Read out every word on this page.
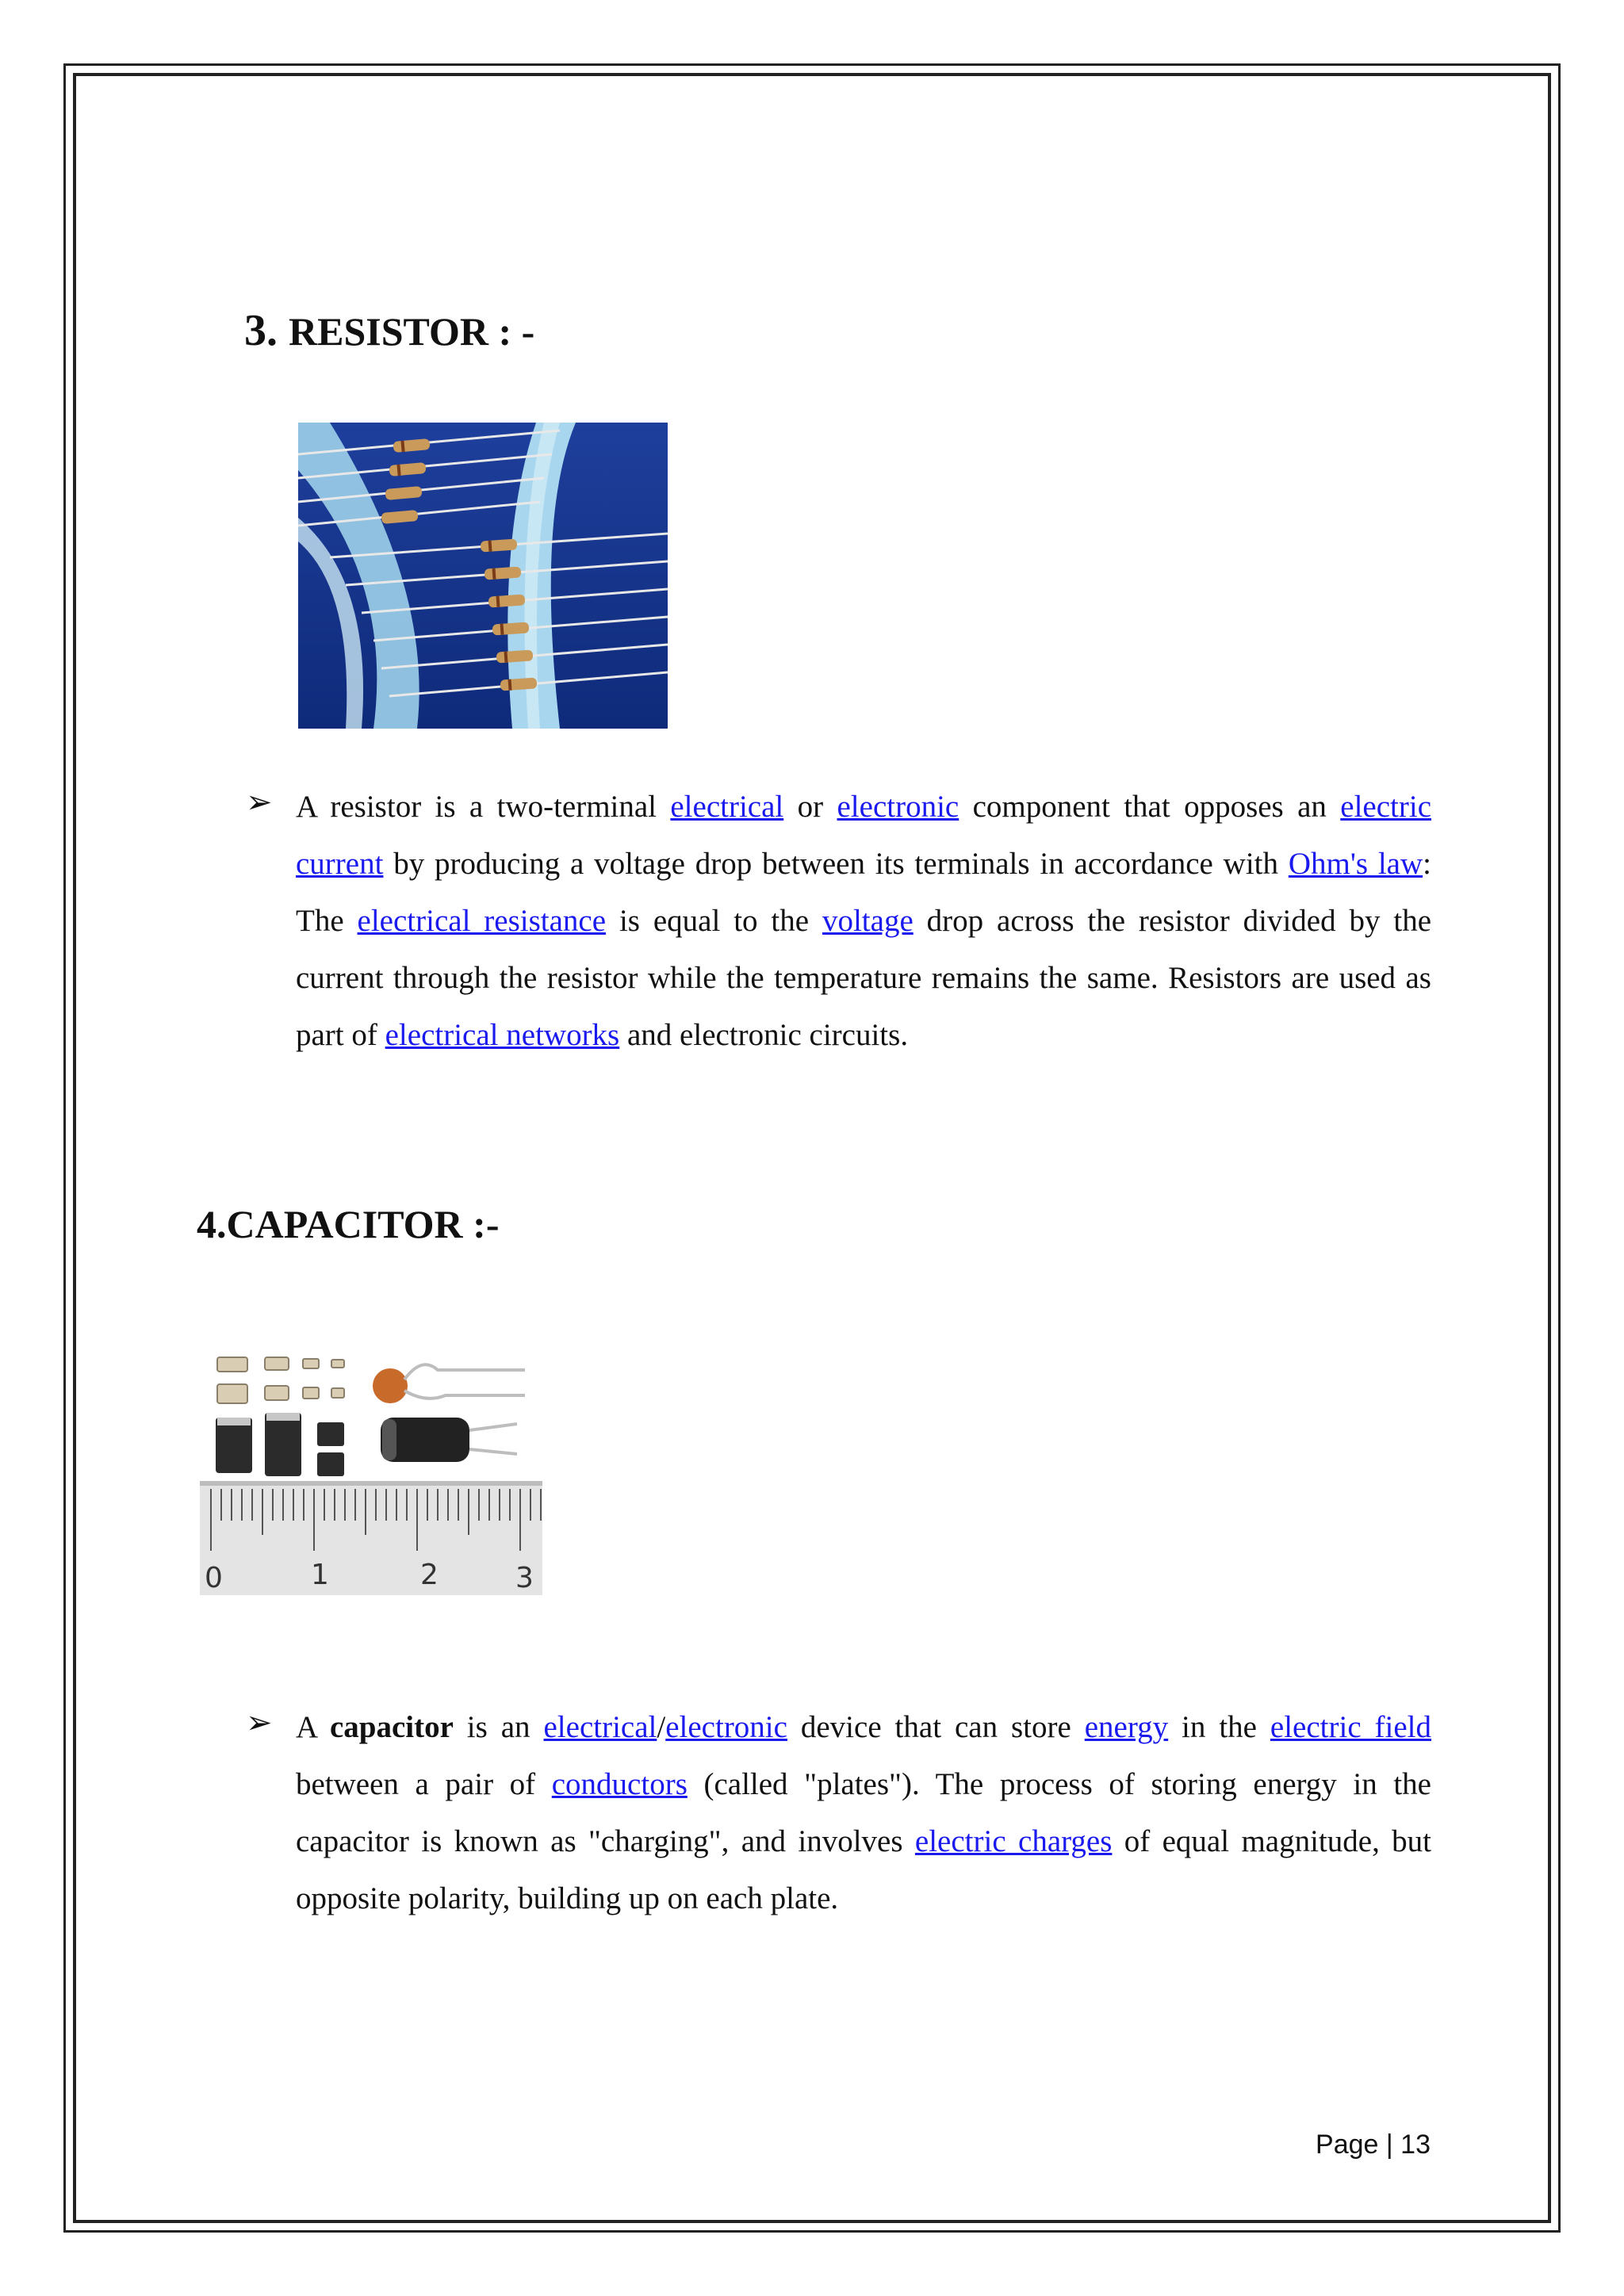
3. RESISTOR : -
➢ A resistor is a two-terminal electrical or electronic component that opposes an electric current by producing a voltage drop between its terminals in accordance with Ohm's law: The electrical resistance is equal to the voltage drop across the resistor divided by the current through the resistor while the temperature remains the same. Resistors are used as part of electrical networks and electronic circuits.
4.CAPACITOR :-
0	1	2	3
➢ A capacitor is an electrical/electronic device that can store energy in the electric field between a pair of conductors (called "plates"). The process of storing energy in the capacitor is known as "charging", and involves electric charges of equal magnitude, but opposite polarity, building up on each plate.
Page | 13
